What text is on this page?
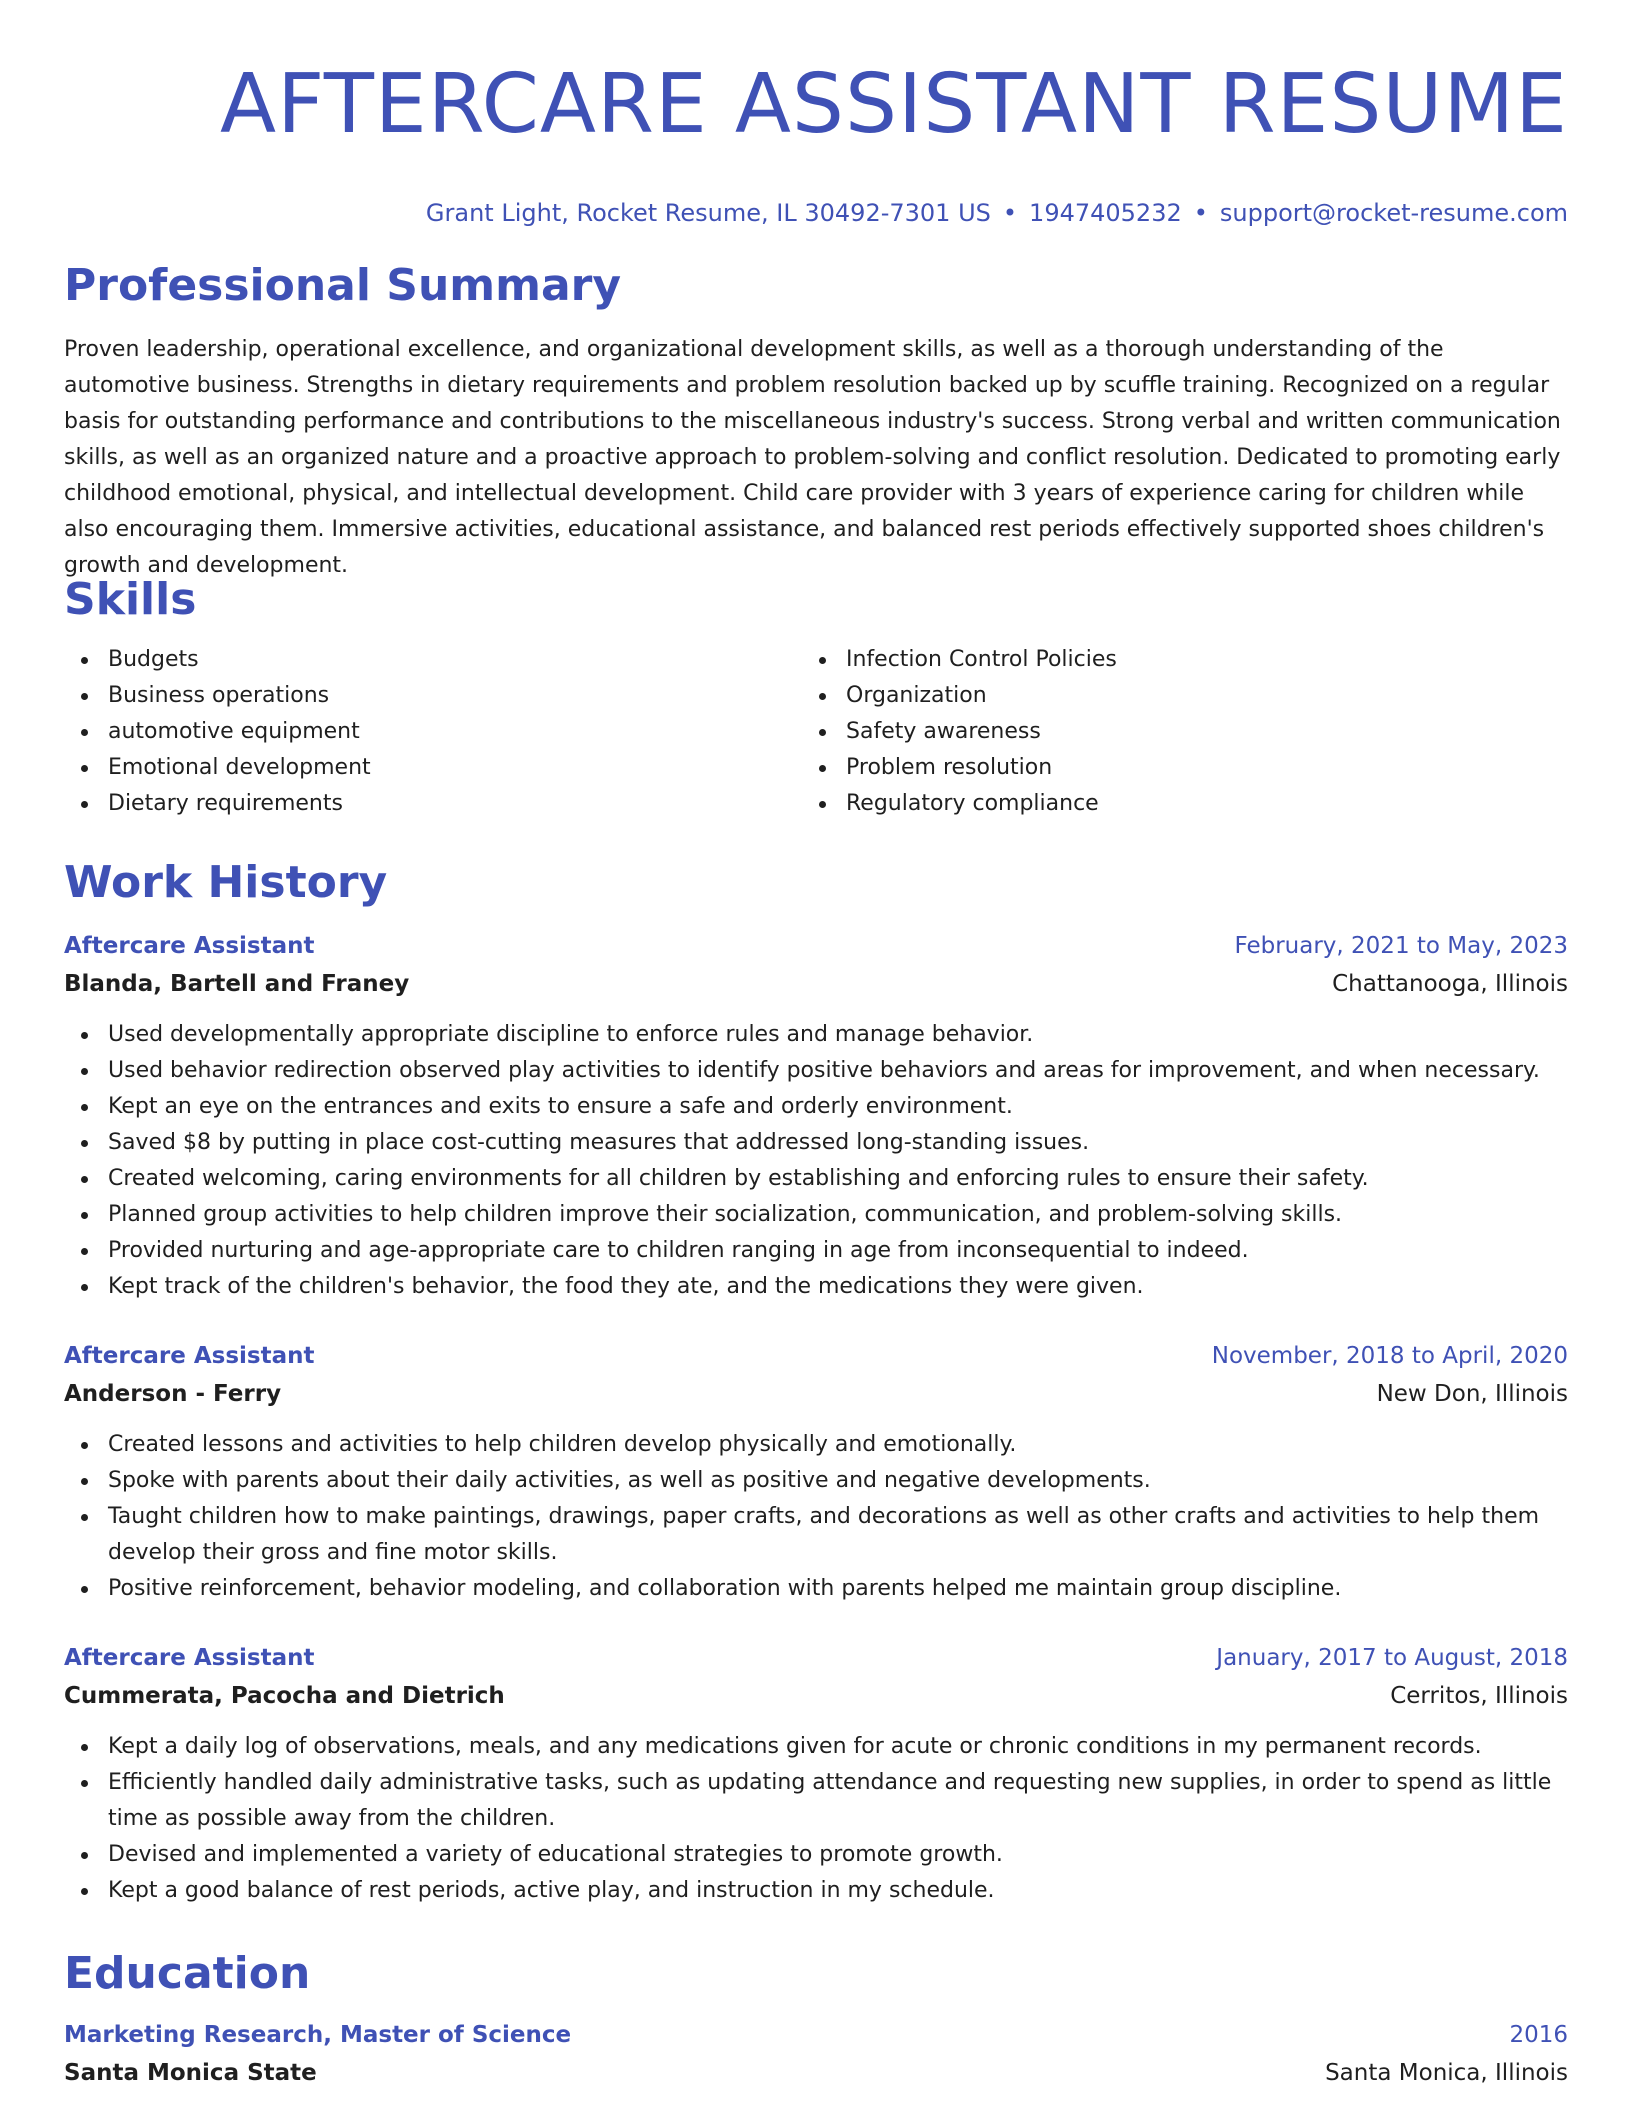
AFTERCARE ASSISTANT RESUME
Grant Light, Rocket Resume, IL 30492-7301 US • 1947405232 • support@rocket-resume.com
Professional Summary

Proven leadership, operational excellence, and organizational development skills, as well as a thorough understanding of the automotive business. Strengths in dietary requirements and problem resolution backed up by scuffle training. Recognized on a regular basis for outstanding performance and contributions to the miscellaneous industry's success. Strong verbal and written communication skills, as well as an organized nature and a proactive approach to problem-solving and conflict resolution. Dedicated to promoting early childhood emotional, physical, and intellectual development. Child care provider with 3 years of experience caring for children while also encouraging them. Immersive activities, educational assistance, and balanced rest periods effectively supported shoes children's growth and development.

Skills
Budgets
Business operations
automotive equipment
Emotional development
Dietary requirements
Infection Control Policies
Organization
Safety awareness
Problem resolution
Regulatory compliance
Work History
Aftercare Assistant	February, 2021 to May, 2023
Blanda, Bartell and Franey	Chattanooga, Illinois
Used developmentally appropriate discipline to enforce rules and manage behavior.
Used behavior redirection observed play activities to identify positive behaviors and areas for improvement, and when necessary.
Kept an eye on the entrances and exits to ensure a safe and orderly environment.
Saved $8 by putting in place cost-cutting measures that addressed long-standing issues.
Created welcoming, caring environments for all children by establishing and enforcing rules to ensure their safety.
Planned group activities to help children improve their socialization, communication, and problem-solving skills.
Provided nurturing and age-appropriate care to children ranging in age from inconsequential to indeed.
Kept track of the children's behavior, the food they ate, and the medications they were given.
Aftercare Assistant	November, 2018 to April, 2020
Anderson - Ferry	New Don, Illinois
Created lessons and activities to help children develop physically and emotionally.
Spoke with parents about their daily activities, as well as positive and negative developments.
Taught children how to make paintings, drawings, paper crafts, and decorations as well as other crafts and activities to help them develop their gross and fine motor skills.
Positive reinforcement, behavior modeling, and collaboration with parents helped me maintain group discipline.
Aftercare Assistant	January, 2017 to August, 2018
Cummerata, Pacocha and Dietrich	Cerritos, Illinois
Kept a daily log of observations, meals, and any medications given for acute or chronic conditions in my permanent records.
Efficiently handled daily administrative tasks, such as updating attendance and requesting new supplies, in order to spend as little time as possible away from the children.
Devised and implemented a variety of educational strategies to promote growth.
Kept a good balance of rest periods, active play, and instruction in my schedule.
Education
Marketing Research, Master of Science	2016
Santa Monica State	Santa Monica, Illinois
